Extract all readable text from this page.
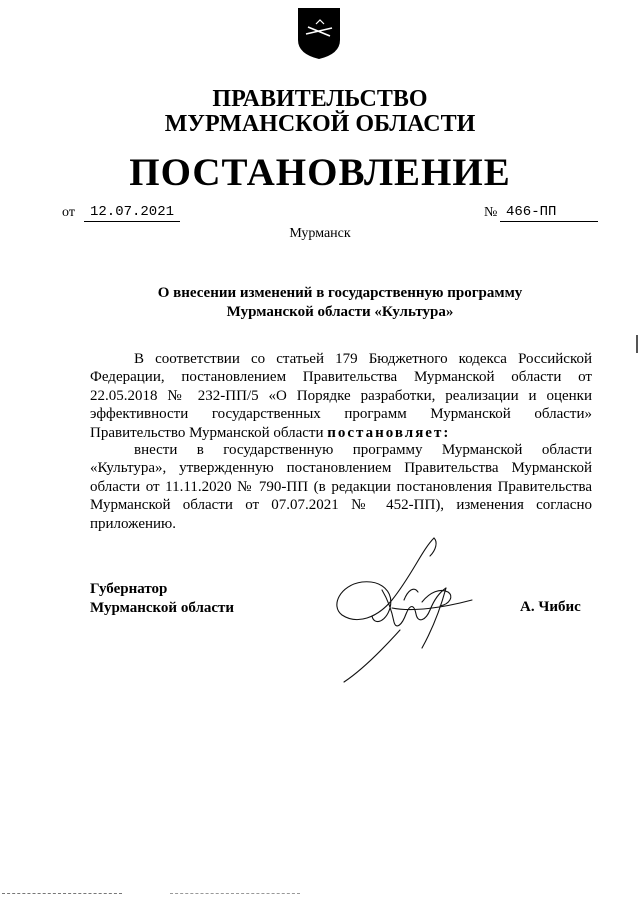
ПРАВИТЕЛЬСТВО
МУРМАНСКОЙ ОБЛАСТИ
ПОСТАНОВЛЕНИЕ
от	12.07.2021	№ 466-ПП
Мурманск
О внесении изменений в государственную программу
Мурманской области «Культура»
В соответствии со статьей 179 Бюджетного кодекса Российской Федерации, постановлением Правительства Мурманской области от 22.05.2018 № 232-ПП/5 «О Порядке разработки, реализации и оценки эффективности государственных программ Мурманской области» Правительство Мурманской области постановляет:
внести в государственную программу Мурманской области «Культура», утвержденную постановлением Правительства Мурманской области от 11.11.2020 № 790-ПП (в редакции постановления Правительства Мурманской области от 07.07.2021 № 452-ПП), изменения согласно приложению.
Губернатор
Мурманской области	А. Чибис
